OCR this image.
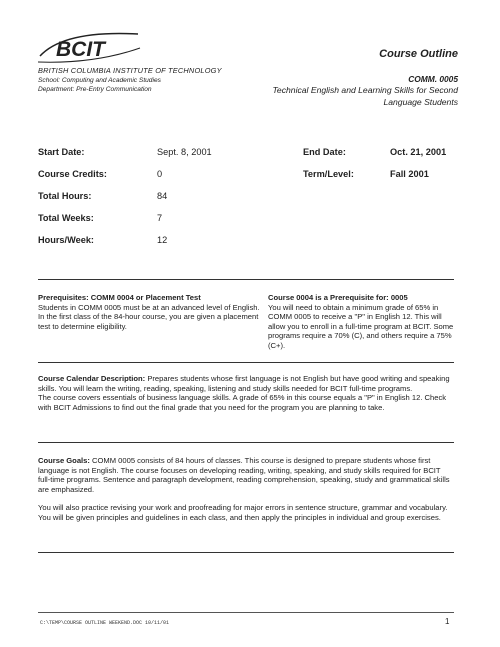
BCIT
BRITISH COLUMBIA INSTITUTE OF TECHNOLOGY
School: Computing and Academic Studies
Department: Pre-Entry Communication
Course Outline
COMM. 0005
Technical English and Learning Skills for Second Language Students
Start Date:	Sept. 8, 2001	End Date:	Oct. 21, 2001
Course Credits:	0	Term/Level:	Fall 2001
Total Hours:	84
Total Weeks:	7
Hours/Week:	12
Prerequisites: COMM 0004 or Placement Test
Students in COMM 0005 must be at an advanced level of English. In the first class of the 84-hour course, you are given a placement test to determine eligibility.
Course 0004 is a Prerequisite for: 0005
You will need to obtain a minimum grade of 65% in COMM 0005 to receive a "P" in English 12. This will allow you to enroll in a full-time program at BCIT. Some programs require a 70% (C), and others require a 75% (C+).
Course Calendar Description: Prepares students whose first language is not English but have good writing and speaking skills. You will learn the writing, reading, speaking, listening and study skills needed for BCIT full-time programs.
The course covers essentials of business language skills. A grade of 65% in this course equals a "P" in English 12. Check with BCIT Admissions to find out the final grade that you need for the program you are planning to take.
Course Goals: COMM 0005 consists of 84 hours of classes. This course is designed to prepare students whose first language is not English. The course focuses on developing reading, writing, speaking, and study skills required for BCIT full-time programs. Sentence and paragraph development, reading comprehension, speaking, study and grammatical skills are emphasized.
You will also practice revising your work and proofreading for major errors in sentence structure, grammar and vocabulary. You will be given principles and guidelines in each class, and then apply the principles in individual and group exercises.
C:\TEMP\COURSE OUTLINE WEEKEND.DOC 10/11/01	1
